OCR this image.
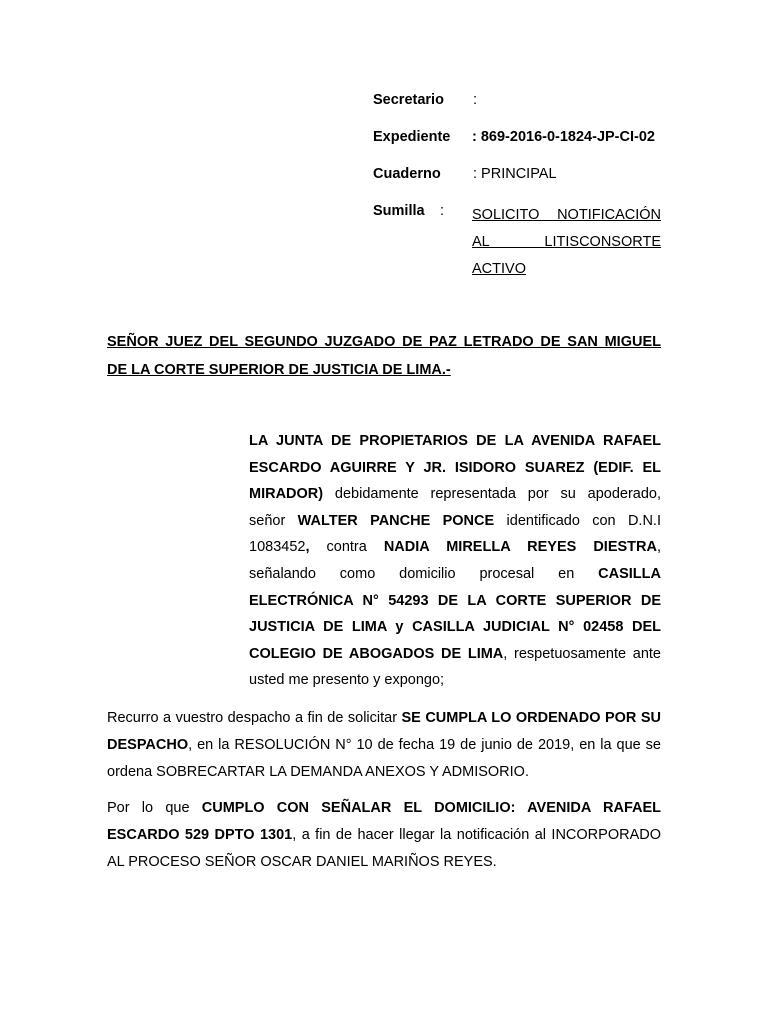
Secretario :
Expediente : 869-2016-0-1824-JP-CI-02
Cuaderno : PRINCIPAL
Sumilla : SOLICITO NOTIFICACIÓN
AL LITISCONSORTE
ACTIVO
SEÑOR JUEZ DEL SEGUNDO JUZGADO DE PAZ LETRADO DE SAN MIGUEL
DE LA CORTE SUPERIOR DE JUSTICIA DE LIMA.-
LA JUNTA DE PROPIETARIOS DE LA AVENIDA RAFAEL ESCARDO AGUIRRE Y JR. ISIDORO SUAREZ (EDIF. EL MIRADOR) debidamente representada por su apoderado, señor WALTER PANCHE PONCE identificado con D.N.I 1083452, contra NADIA MIRELLA REYES DIESTRA, señalando como domicilio procesal en CASILLA ELECTRÓNICA N° 54293 DE LA CORTE SUPERIOR DE JUSTICIA DE LIMA y CASILLA JUDICIAL N° 02458 DEL COLEGIO DE ABOGADOS DE LIMA, respetuosamente ante usted me presento y expongo;
Recurro a vuestro despacho a fin de solicitar SE CUMPLA LO ORDENADO POR SU DESPACHO, en la RESOLUCIÓN N° 10 de fecha 19 de junio de 2019, en la que se ordena SOBRECARTAR LA DEMANDA ANEXOS Y ADMISORIO.
Por lo que CUMPLO CON SEÑALAR EL DOMICILIO: AVENIDA RAFAEL ESCARDO 529 DPTO 1301, a fin de hacer llegar la notificación al INCORPORADO AL PROCESO SEÑOR OSCAR DANIEL MARIÑOS REYES.
